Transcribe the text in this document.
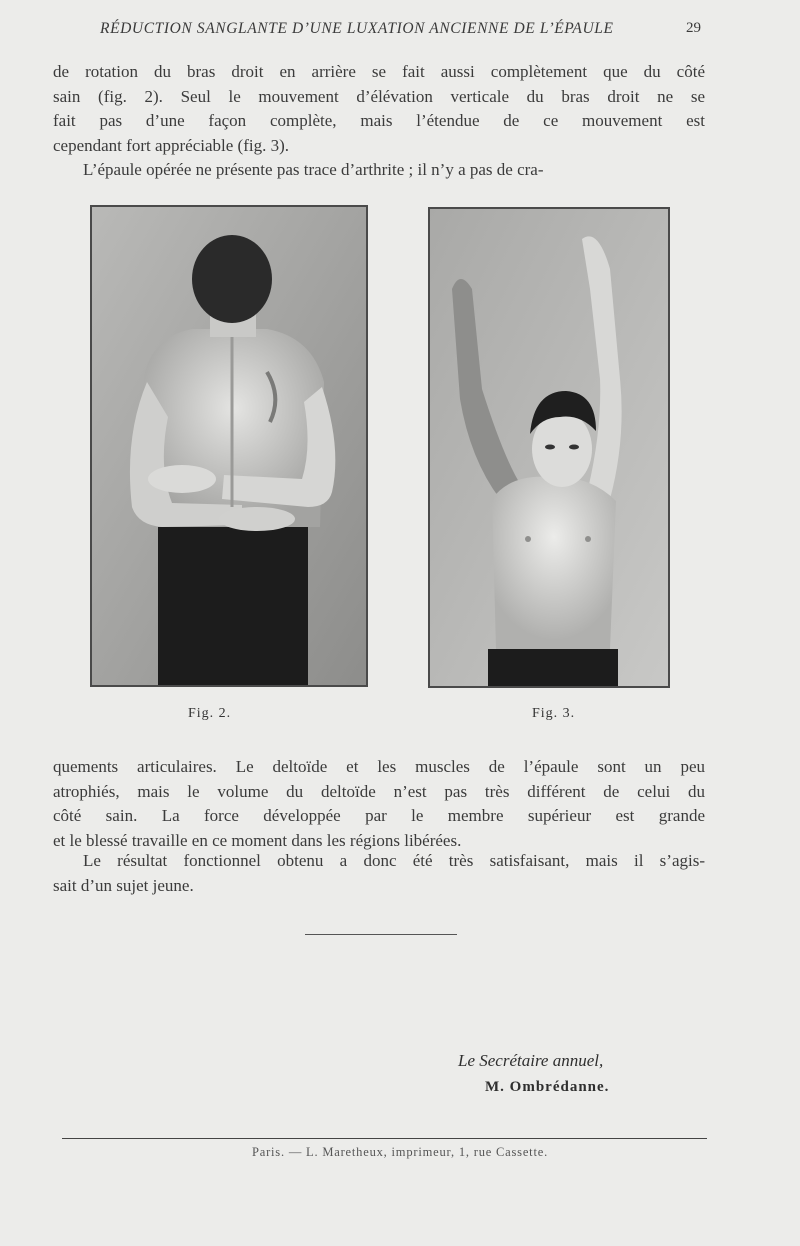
RÉDUCTION SANGLANTE D’UNE LUXATION ANCIENNE DE L’ÉPAULE	29
de rotation du bras droit en arrière se fait aussi complètement que du côté
sain (fig. 2). Seul le mouvement d’élévation verticale du bras droit ne se
fait pas d’une façon complète, mais l’étendue de ce mouvement est
cependant fort appréciable (fig. 3).
L’épaule opérée ne présente pas trace d’arthrite ; il n’y a pas de cra-
Fig. 2.	Fig. 3.
quements articulaires. Le deltoïde et les muscles de l’épaule sont un peu
atrophiés, mais le volume du deltoïde n’est pas très différent de celui du
côté sain. La force développée par le membre supérieur est grande
et le blessé travaille en ce moment dans les régions libérées.
Le résultat fonctionnel obtenu a donc été très satisfaisant, mais il s’agis-
sait d’un sujet jeune.
Le Secrétaire annuel,
M. Ombrédanne.
Paris. — L. Maretheux, imprimeur, 1, rue Cassette.
